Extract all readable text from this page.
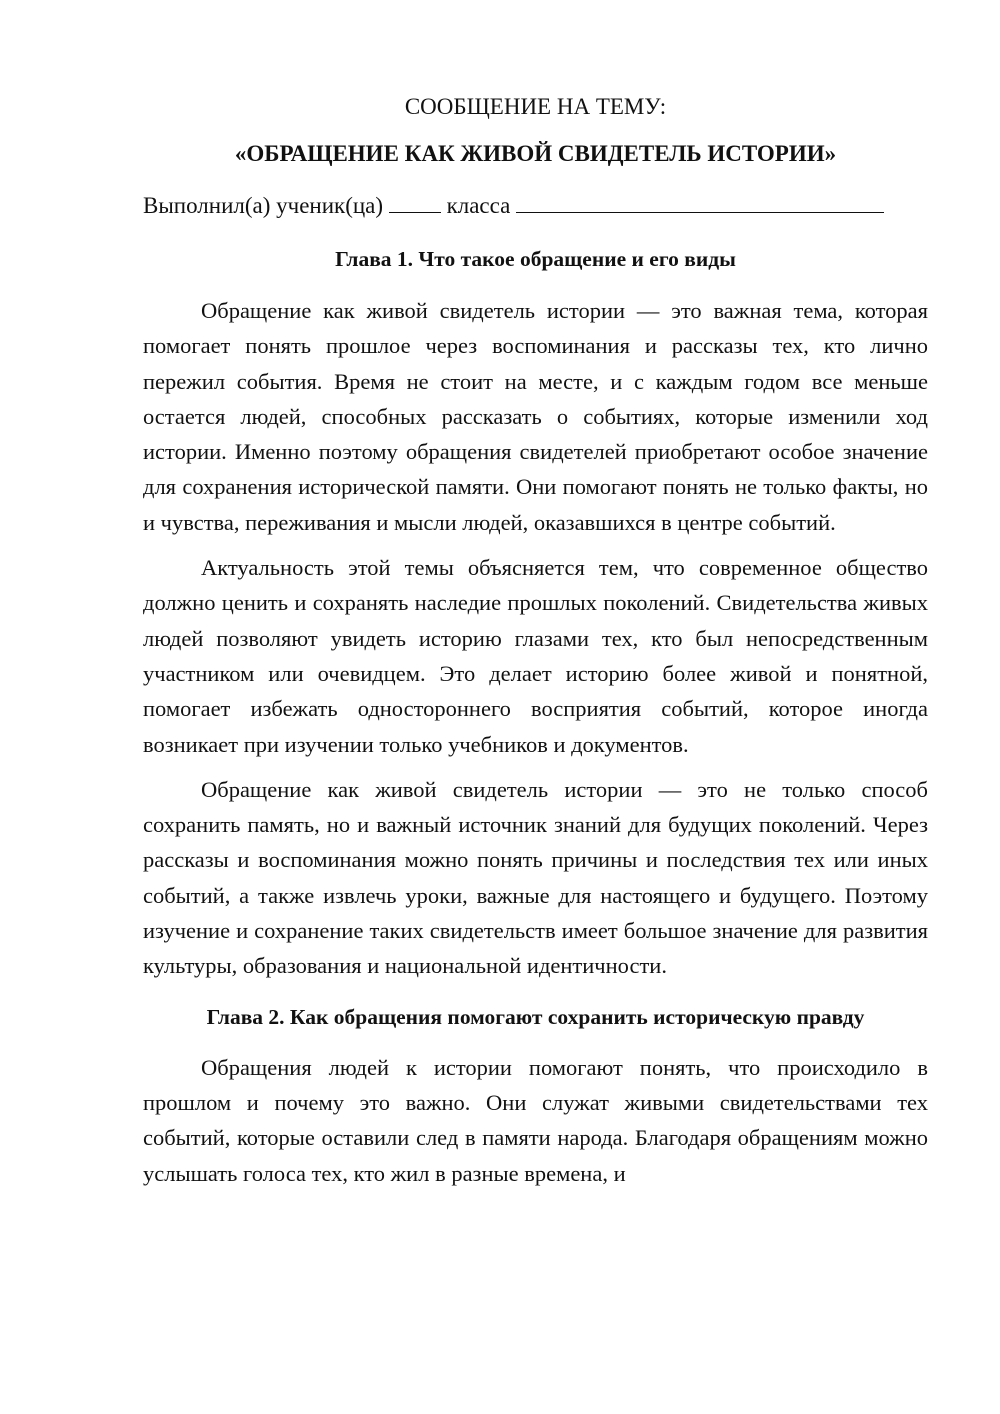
СООБЩЕНИЕ НА ТЕМУ:

«ОБРАЩЕНИЕ КАК ЖИВОЙ СВИДЕТЕЛЬ ИСТОРИИ»

Выполнил(а) ученик(ца)	класса
Глава 1. Что такое обращение и его виды

Обращение как живой свидетель истории — это важная тема, которая помогает понять прошлое через воспоминания и рассказы тех, кто лично пережил события. Время не стоит на месте, и с каждым годом все меньше остается людей, способных рассказать о событиях, которые изменили ход истории. Именно поэтому обращения свидетелей приобретают особое значение для сохранения исторической памяти. Они помогают понять не только факты, но и чувства, переживания и мысли людей, оказавшихся в центре событий.

Актуальность этой темы объясняется тем, что современное общество должно ценить и сохранять наследие прошлых поколений. Свидетельства живых людей позволяют увидеть историю глазами тех, кто был непосредственным участником или очевидцем. Это делает историю более живой и понятной, помогает избежать одностороннего восприятия событий, которое иногда возникает при изучении только учебников и документов.

Обращение как живой свидетель истории — это не только способ сохранить память, но и важный источник знаний для будущих поколений. Через рассказы и воспоминания можно понять причины и последствия тех или иных событий, а также извлечь уроки, важные для настоящего и будущего. Поэтому изучение и сохранение таких свидетельств имеет большое значение для развития культуры, образования и национальной идентичности.

Глава 2. Как обращения помогают сохранить историческую правду

Обращения людей к истории помогают понять, что происходило в прошлом и почему это важно. Они служат живыми свидетельствами тех событий, которые оставили след в памяти народа. Благодаря обращениям можно услышать голоса тех, кто жил в разные времена, и
